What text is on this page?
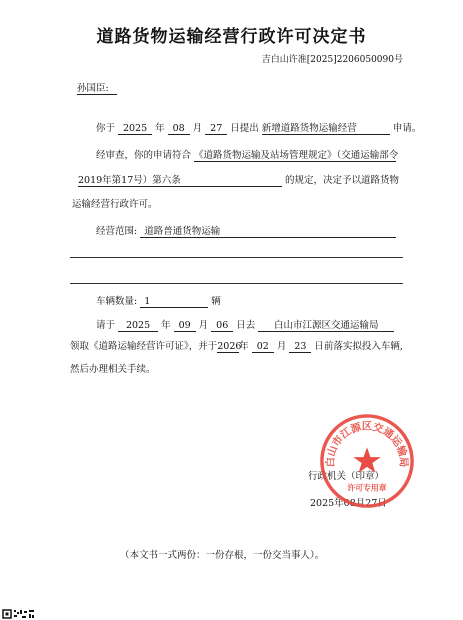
道路货物运输经营行政许可决定书
吉白山许准[2025]2206050090号
孙国臣:
你于 2025 年 08 月 27 日提出 新增道路货物运输经营	申请。
经审查，你的申请符合 《道路货物运输及站场管理规定》（交通运输部令
2019年第17号）第六条	的规定，决定予以道路货物
运输经营行政许可。
经营范围: 道路普通货物运输
车辆数量: 1	辆
请于 2025 年 09 月 06 日去 白山市江源区交通运输局
领取《道路运输经营许可证》，并于2026年 02 月 23 日前落实拟投入车辆,
然后办理相关手续。
行政机关（印章）
2025年08月27日
白山市江源区交通运输局
许可专用章
（本文书一式两份：一份存根，一份交当事人）。
